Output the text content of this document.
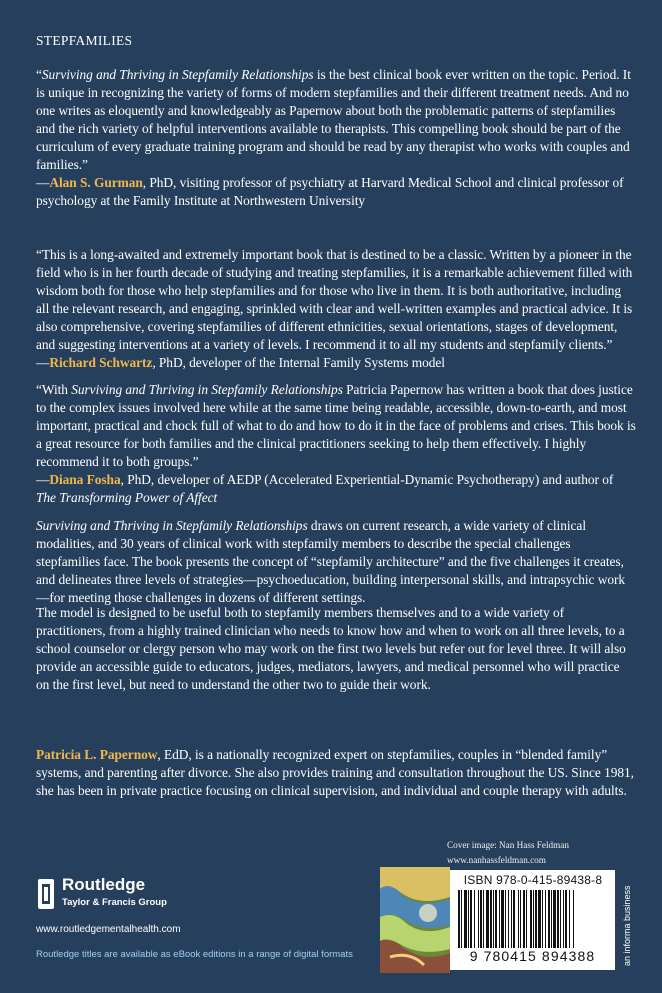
STEPFAMILIES
“Surviving and Thriving in Stepfamily Relationships is the best clinical book ever written on the topic. Period. It is unique in recognizing the variety of forms of modern stepfamilies and their different treatment needs. And no one writes as eloquently and knowledgeably as Papernow about both the problematic patterns of stepfamilies and the rich variety of helpful interventions available to therapists. This compelling book should be part of the curriculum of every graduate training program and should be read by any therapist who works with couples and families.”
—Alan S. Gurman, PhD, visiting professor of psychiatry at Harvard Medical School and clinical professor of psychology at the Family Institute at Northwestern University
“This is a long-awaited and extremely important book that is destined to be a classic. Written by a pioneer in the field who is in her fourth decade of studying and treating stepfamilies, it is a remarkable achievement filled with wisdom both for those who help stepfamilies and for those who live in them. It is both authoritative, including all the relevant research, and engaging, sprinkled with clear and well-written examples and practical advice. It is also comprehensive, covering stepfamilies of different ethnicities, sexual orientations, stages of development, and suggesting interventions at a variety of levels. I recommend it to all my students and stepfamily clients.”
—Richard Schwartz, PhD, developer of the Internal Family Systems model
“With Surviving and Thriving in Stepfamily Relationships Patricia Papernow has written a book that does justice to the complex issues involved here while at the same time being readable, accessible, down-to-earth, and most important, practical and chock full of what to do and how to do it in the face of problems and crises. This book is a great resource for both families and the clinical practitioners seeking to help them effectively. I highly recommend it to both groups.”
—Diana Fosha, PhD, developer of AEDP (Accelerated Experiential-Dynamic Psychotherapy) and author of The Transforming Power of Affect
Surviving and Thriving in Stepfamily Relationships draws on current research, a wide variety of clinical modalities, and 30 years of clinical work with stepfamily members to describe the special challenges stepfamilies face. The book presents the concept of “stepfamily architecture” and the five challenges it creates, and delineates three levels of strategies—psychoeducation, building interpersonal skills, and intrapsychic work—for meeting those challenges in dozens of different settings.
The model is designed to be useful both to stepfamily members themselves and to a wide variety of practitioners, from a highly trained clinician who needs to know how and when to work on all three levels, to a school counselor or clergy person who may work on the first two levels but refer out for level three. It will also provide an accessible guide to educators, judges, mediators, lawyers, and medical personnel who will practice on the first level, but need to understand the other two to guide their work.
Patricia L. Papernow, EdD, is a nationally recognized expert on stepfamilies, couples in “blended family” systems, and parenting after divorce. She also provides training and consultation throughout the US. Since 1981, she has been in private practice focusing on clinical supervision, and individual and couple therapy with adults.
Cover image: Nan Hass Feldman
www.nanhassfeldman.com
Routledge
Taylor & Francis Group
www.routledgementalhealth.com
Routledge titles are available as eBook editions in a range of digital formats
ISBN 978-0-415-89438-8
9 780415 894388	an informa business
